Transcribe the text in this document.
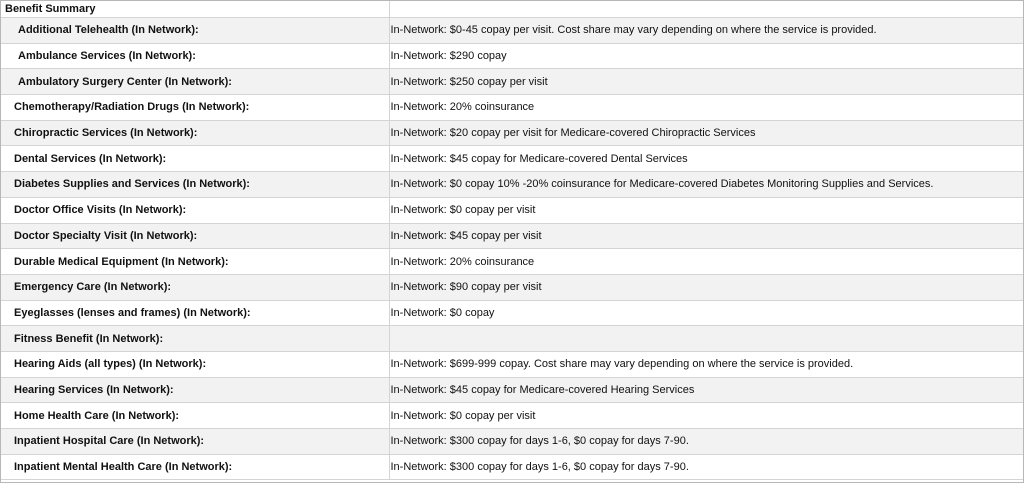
Benefit Summary	
Additional Telehealth (In Network):	In-Network: $0-45 copay per visit. Cost share may vary depending on where the service is provided.
Ambulance Services (In Network):	In-Network: $290 copay
Ambulatory Surgery Center (In Network):	In-Network: $250 copay per visit
Chemotherapy/Radiation Drugs (In Network):	In-Network: 20% coinsurance
Chiropractic Services (In Network):	In-Network: $20 copay per visit for Medicare-covered Chiropractic Services
Dental Services (In Network):	In-Network: $45 copay for Medicare-covered Dental Services
Diabetes Supplies and Services (In Network):	In-Network: $0 copay 10% -20% coinsurance for Medicare-covered Diabetes Monitoring Supplies and Services.
Doctor Office Visits (In Network):	In-Network: $0 copay per visit
Doctor Specialty Visit (In Network):	In-Network: $45 copay per visit
Durable Medical Equipment (In Network):	In-Network: 20% coinsurance
Emergency Care (In Network):	In-Network: $90 copay per visit
Eyeglasses (lenses and frames) (In Network):	In-Network: $0 copay
Fitness Benefit (In Network):	
Hearing Aids (all types) (In Network):	In-Network: $699-999 copay. Cost share may vary depending on where the service is provided.
Hearing Services (In Network):	In-Network: $45 copay for Medicare-covered Hearing Services
Home Health Care (In Network):	In-Network: $0 copay per visit
Inpatient Hospital Care (In Network):	In-Network: $300 copay for days 1-6, $0 copay for days 7-90.
Inpatient Mental Health Care (In Network):	In-Network: $300 copay for days 1-6, $0 copay for days 7-90.
